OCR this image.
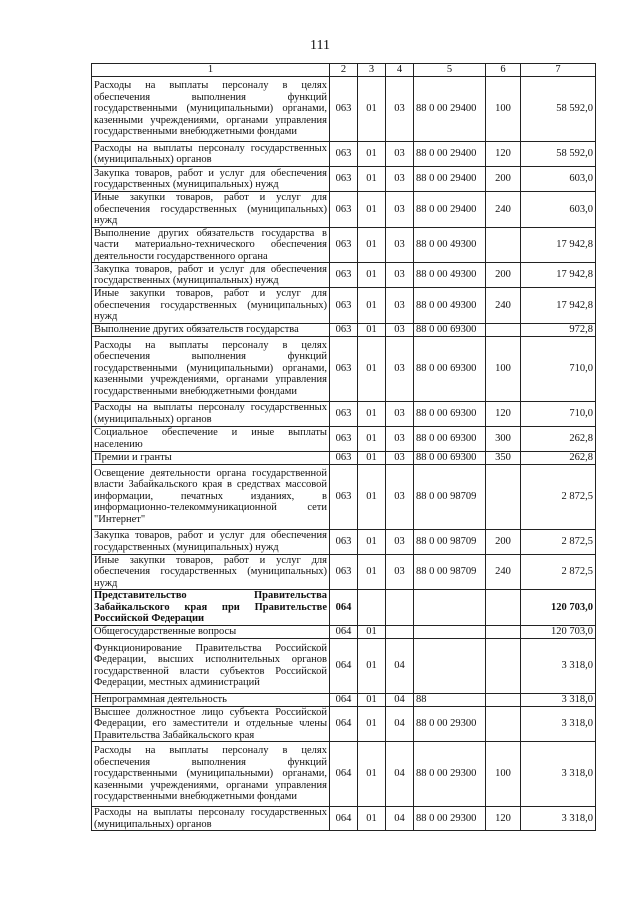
111
1	2	3	4	5	6	7
Расходы на выплаты персоналу в целях обеспечения выполнения функций государственными (муниципальными) органами, казенными учреждениями, органами управления государственными внебюджетными фондами	063	01	03	88 0 00 29400	100	58 592,0
Расходы на выплаты персоналу государственных (муниципальных) органов	063	01	03	88 0 00 29400	120	58 592,0
Закупка товаров, работ и услуг для обеспечения государственных (муниципальных) нужд	063	01	03	88 0 00 29400	200	603,0
Иные закупки товаров, работ и услуг для обеспечения государственных (муниципальных) нужд	063	01	03	88 0 00 29400	240	603,0
Выполнение других обязательств государства в части материально-технического обеспечения деятельности государственного органа	063	01	03	88 0 00 49300		17 942,8
Закупка товаров, работ и услуг для обеспечения государственных (муниципальных) нужд	063	01	03	88 0 00 49300	200	17 942,8
Иные закупки товаров, работ и услуг для обеспечения государственных (муниципальных) нужд	063	01	03	88 0 00 49300	240	17 942,8
Выполнение других обязательств государства	063	01	03	88 0 00 69300		972,8
Расходы на выплаты персоналу в целях обеспечения выполнения функций государственными (муниципальными) органами, казенными учреждениями, органами управления государственными внебюджетными фондами	063	01	03	88 0 00 69300	100	710,0
Расходы на выплаты персоналу государственных (муниципальных) органов	063	01	03	88 0 00 69300	120	710,0
Социальное обеспечение и иные выплаты населению	063	01	03	88 0 00 69300	300	262,8
Премии и гранты	063	01	03	88 0 00 69300	350	262,8
Освещение деятельности органа государственной власти Забайкальского края в средствах массовой информации, печатных изданиях, в информационно-телекоммуникационной сети "Интернет"	063	01	03	88 0 00 98709		2 872,5
Закупка товаров, работ и услуг для обеспечения государственных (муниципальных) нужд	063	01	03	88 0 00 98709	200	2 872,5
Иные закупки товаров, работ и услуг для обеспечения государственных (муниципальных) нужд	063	01	03	88 0 00 98709	240	2 872,5
Представительство Правительства Забайкальского края при Правительстве Российской Федерации	064					120 703,0
Общегосударственные вопросы	064	01				120 703,0
Функционирование Правительства Российской Федерации, высших исполнительных органов государственной власти субъектов Российской Федерации, местных администраций	064	01	04			3 318,0
Непрограммная деятельность	064	01	04	88		3 318,0
Высшее должностное лицо субъекта Российской Федерации, его заместители и отдельные члены Правительства Забайкальского края	064	01	04	88 0 00 29300		3 318,0
Расходы на выплаты персоналу в целях обеспечения выполнения функций государственными (муниципальными) органами, казенными учреждениями, органами управления государственными внебюджетными фондами	064	01	04	88 0 00 29300	100	3 318,0
Расходы на выплаты персоналу государственных (муниципальных) органов	064	01	04	88 0 00 29300	120	3 318,0
